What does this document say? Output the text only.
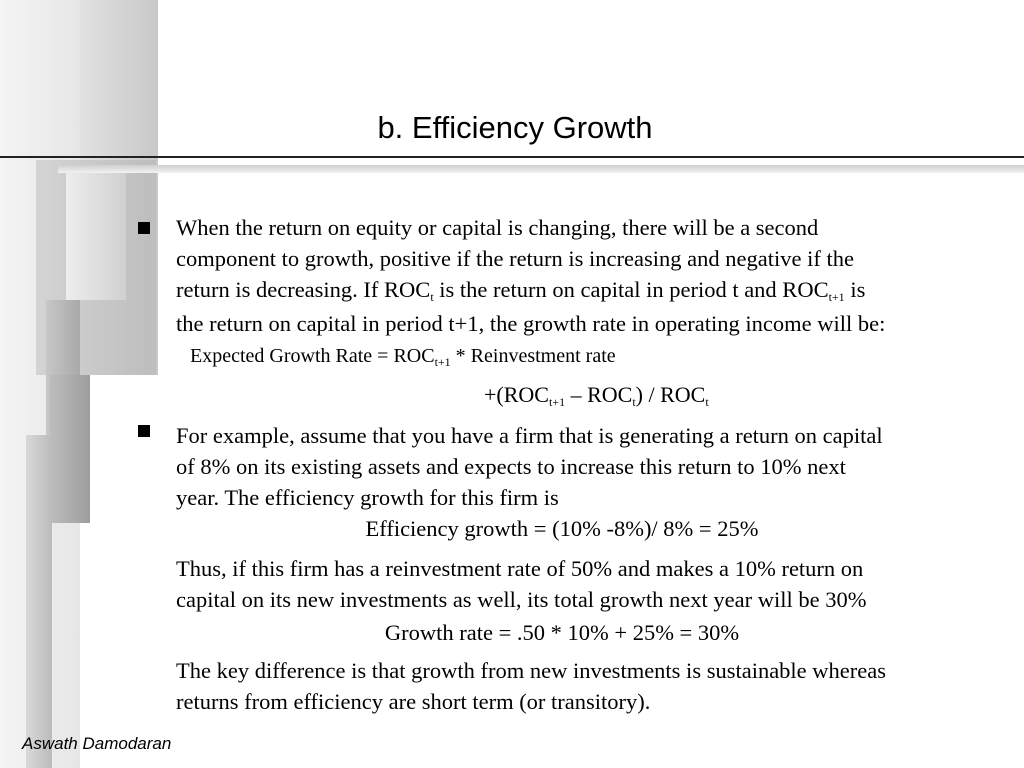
b. Efficiency Growth
When the return on equity or capital is changing, there will be a second
component to growth, positive if the return is increasing and negative if the
return is decreasing. If $ROC_t$ is the return on capital in period t and $ROC_{t+1}$ is
the return on capital in period t+1, the growth rate in operating income will be:
Expected Growth Rate = $ROC_{t+1}$ * Reinvestment rate
$+(ROC_{t+1} - ROC_t) / ROC_t$
For example, assume that you have a firm that is generating a return on capital
of 8% on its existing assets and expects to increase this return to 10% next
year. The efficiency growth for this firm is
Efficiency growth = (10% -8%)/ 8% = 25%
Thus, if this firm has a reinvestment rate of 50% and makes a 10% return on
capital on its new investments as well, its total growth next year will be 30%
Growth rate = .50 * 10% + 25% = 30%
The key difference is that growth from new investments is sustainable whereas
returns from efficiency are short term (or transitory).
Aswath Damodaran
